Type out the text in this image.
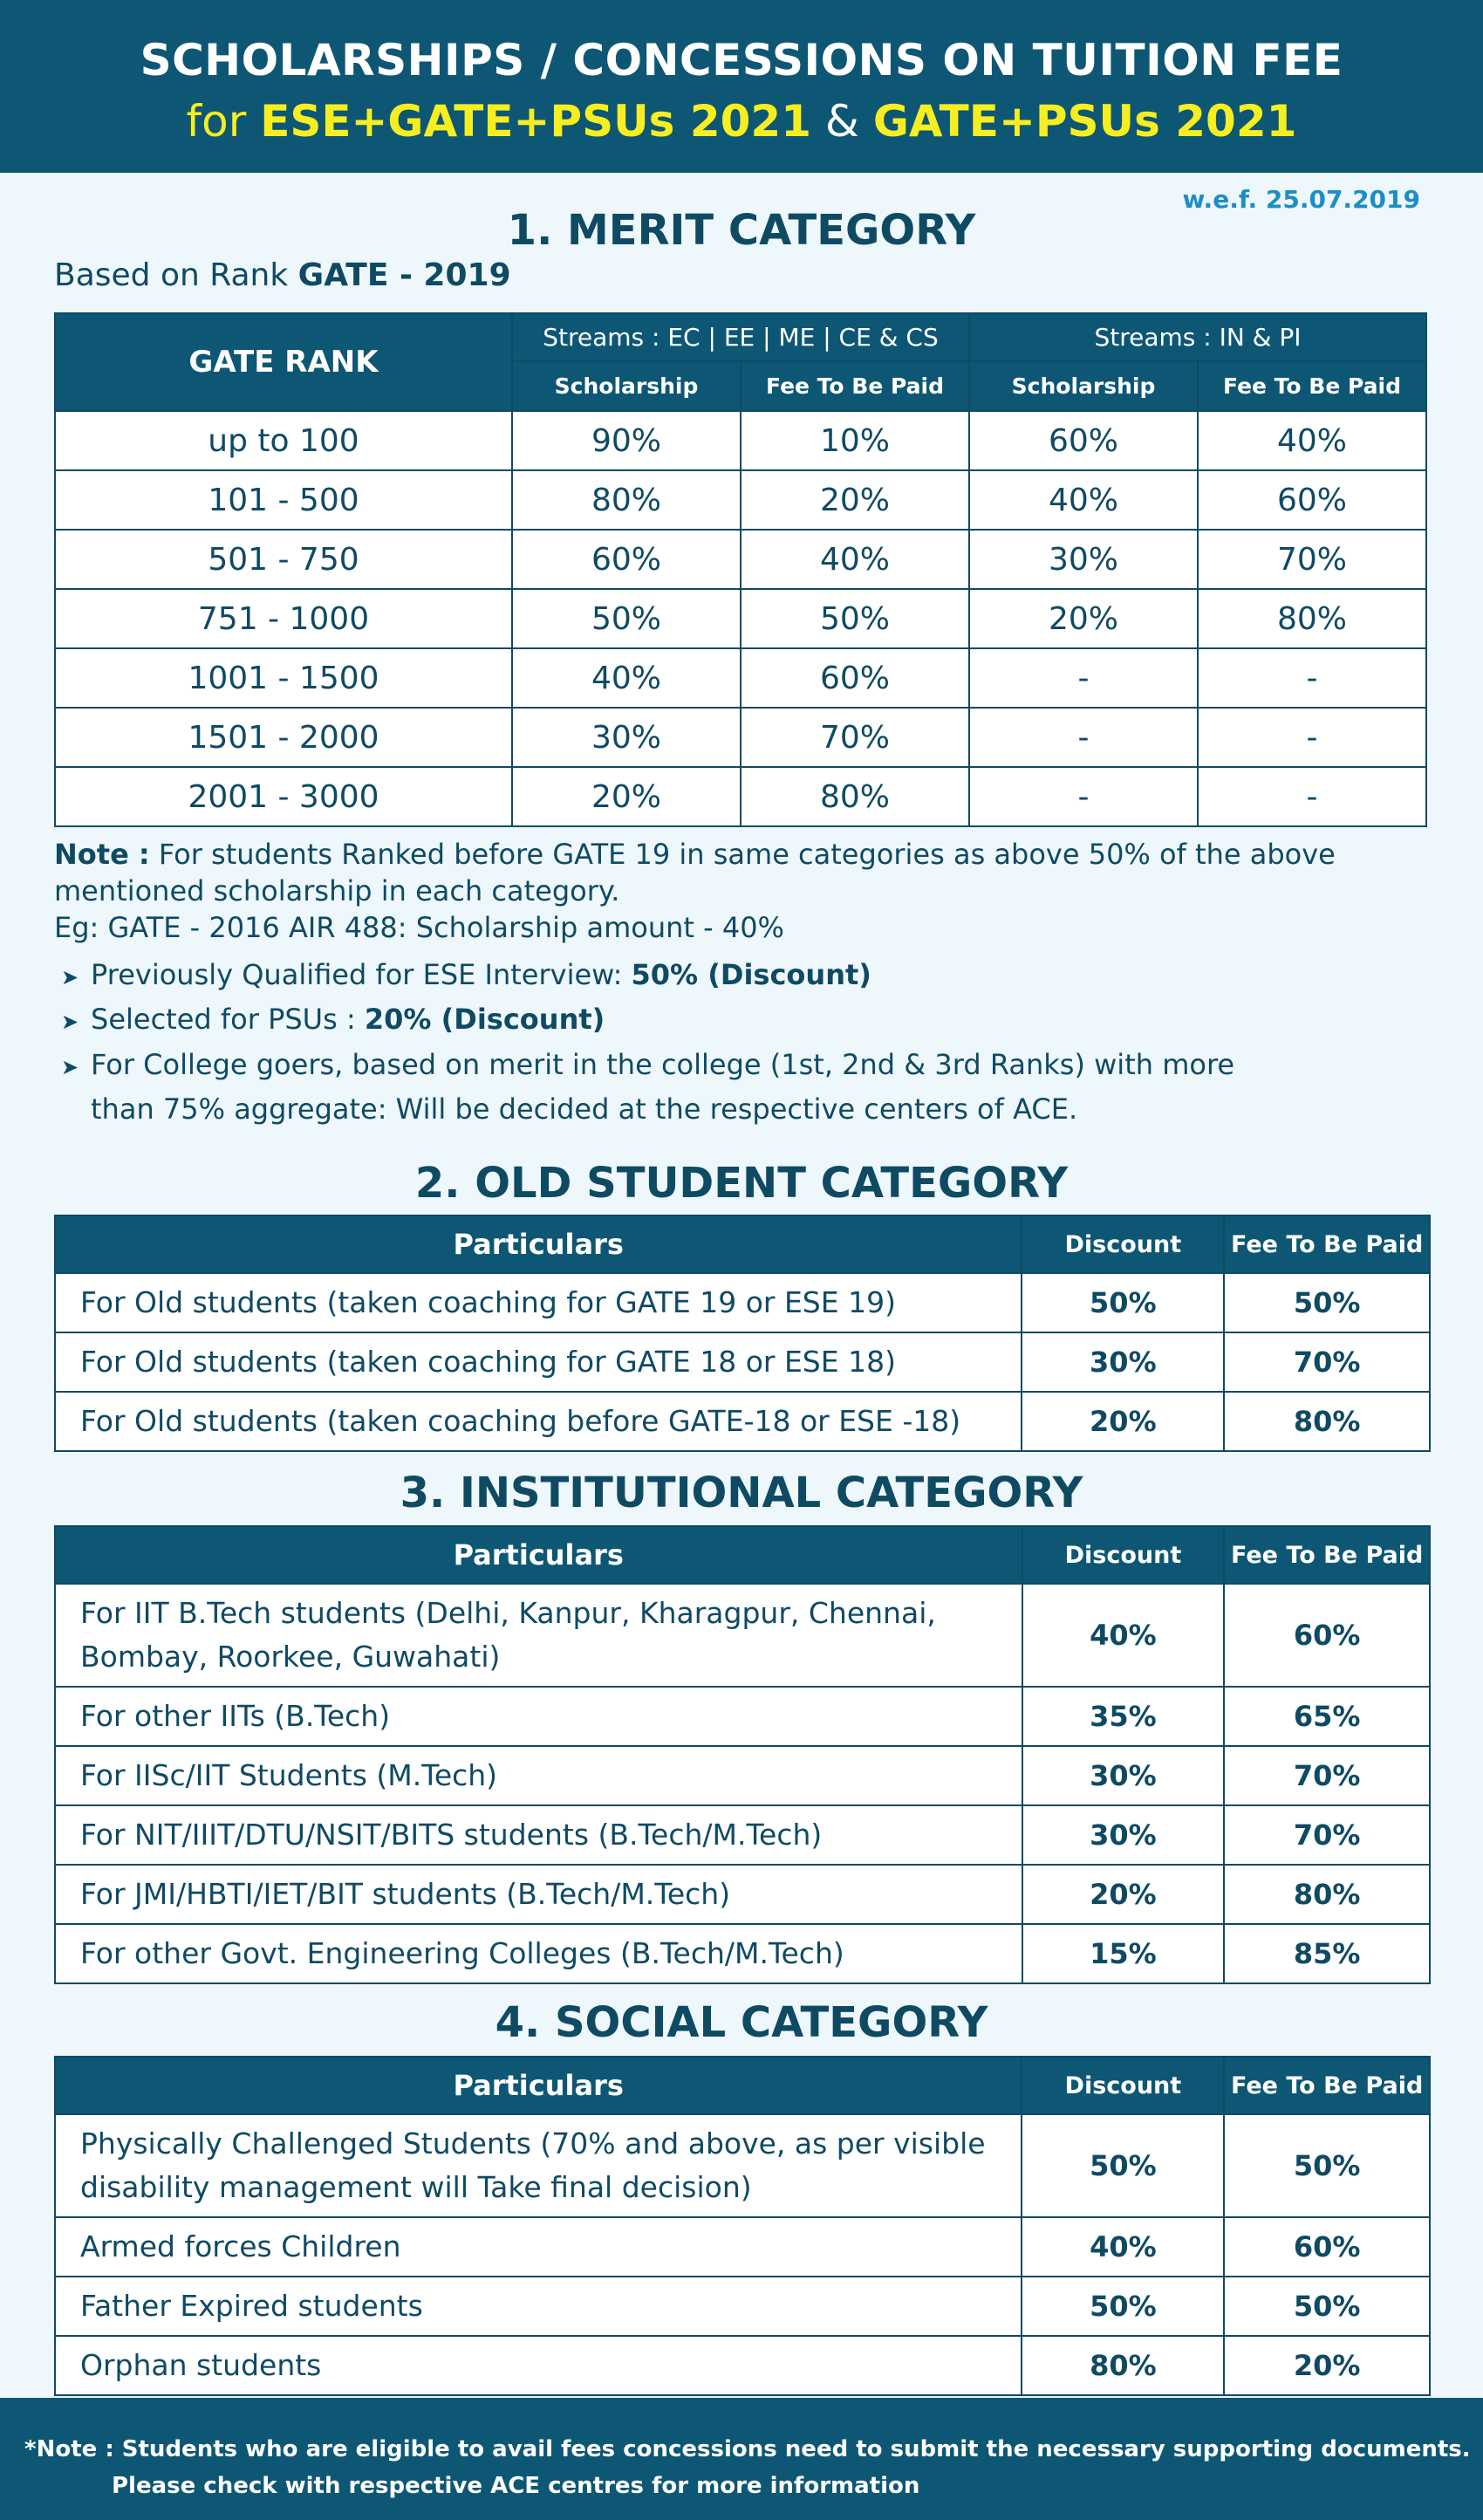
SCHOLARSHIPS / CONCESSIONS ON TUITION FEE
for ESE+GATE+PSUs 2021 & GATE+PSUs 2021
w.e.f. 25.07.2019
1. MERIT CATEGORY
Based on Rank GATE - 2019
GATE RANK	Streams : EC | EE | ME | CE & CS		Streams : IN & PI	
	Scholarship	Fee To Be Paid	Scholarship	Fee To Be Paid
up to 100	90%	10%	60%	40%
101 - 500	80%	20%	40%	60%
501 - 750	60%	40%	30%	70%
751 - 1000	50%	50%	20%	80%
1001 - 1500	40%	60%	-	-
1501 - 2000	30%	70%	-	-
2001 - 3000	20%	80%	-	-
Note : For students Ranked before GATE 19 in same categories as above 50% of the above mentioned scholarship in each category.
Eg: GATE - 2016 AIR 488: Scholarship amount - 40%
➤ Previously Qualified for ESE Interview: 50% (Discount)
➤ Selected for PSUs : 20% (Discount)
➤ For College goers, based on merit in the college (1st, 2nd & 3rd Ranks) with more
than 75% aggregate: Will be decided at the respective centers of ACE.
2. OLD STUDENT CATEGORY
Particulars	Discount	Fee To Be Paid
For Old students (taken coaching for GATE 19 or ESE 19)	50%	50%
For Old students (taken coaching for GATE 18 or ESE 18)	30%	70%
For Old students (taken coaching before GATE-18 or ESE -18)	20%	80%
3. INSTITUTIONAL CATEGORY
Particulars	Discount	Fee To Be Paid
For IIT B.Tech students (Delhi, Kanpur, Kharagpur, Chennai, Bombay, Roorkee, Guwahati)	40%	60%
For other IITs (B.Tech)	35%	65%
For IISc/IIT Students (M.Tech)	30%	70%
For NIT/IIIT/DTU/NSIT/BITS students (B.Tech/M.Tech)	30%	70%
For JMI/HBTI/IET/BIT students (B.Tech/M.Tech)	20%	80%
For other Govt. Engineering Colleges (B.Tech/M.Tech)	15%	85%
4. SOCIAL CATEGORY
Particulars	Discount	Fee To Be Paid
Physically Challenged Students (70% and above, as per visible disability management will Take final decision)	50%	50%
Armed forces Children	40%	60%
Father Expired students	50%	50%
Orphan students	80%	20%
*Note : Students who are eligible to avail fees concessions need to submit the necessary supporting documents.
Please check with respective ACE centres for more information
